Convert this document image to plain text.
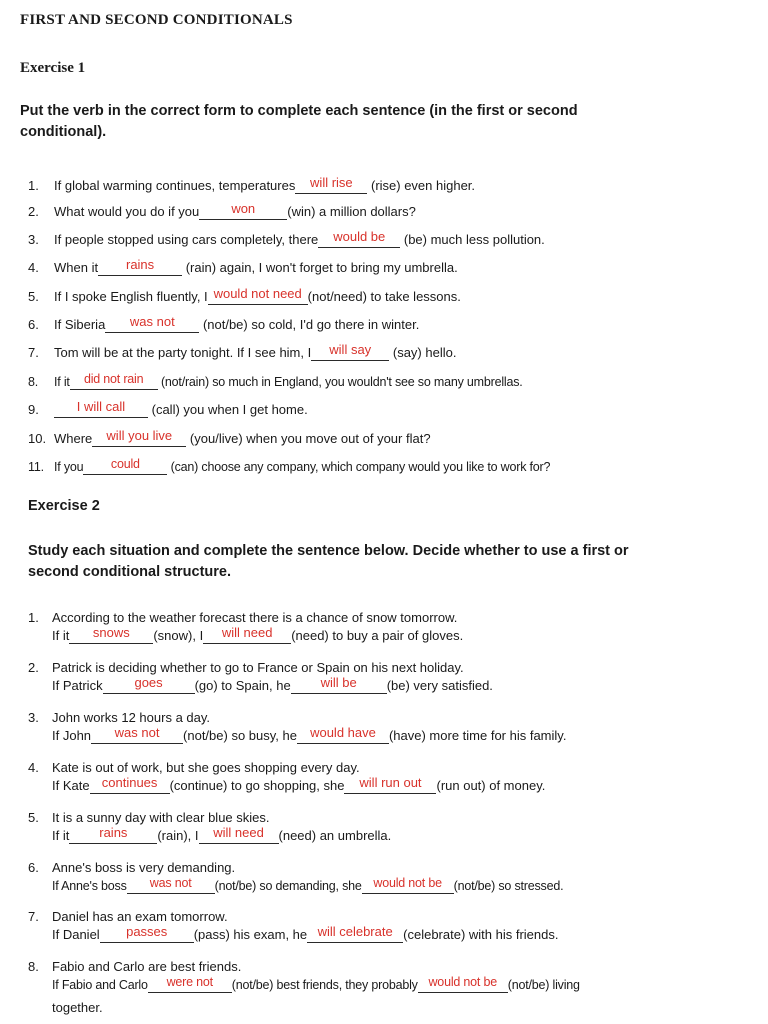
FIRST AND SECOND CONDITIONALS
Exercise 1
Put the verb in the correct form to complete each sentence (in the first or second conditional).
1. If global warming continues, temperatures will rise (rise) even higher.
2. What would you do if you won (win) a million dollars?
3. If people stopped using cars completely, there would be (be) much less pollution.
4. When it rains (rain) again, I won't forget to bring my umbrella.
5. If I spoke English fluently, I would not need (not/need) to take lessons.
6. If Siberia was not (not/be) so cold, I'd go there in winter.
7. Tom will be at the party tonight. If I see him, I will say (say) hello.
8. If it did not rain (not/rain) so much in England, you wouldn't see so many umbrellas.
9.	I will call (call) you when I get home.
10. Where will you live (you/live) when you move out of your flat?
11. If you could (can) choose any company, which company would you like to work for?
Exercise 2
Study each situation and complete the sentence below. Decide whether to use a first or second conditional structure.
1. According to the weather forecast there is a chance of snow tomorrow.
If it snows (snow), I will need (need) to buy a pair of gloves.
2. Patrick is deciding whether to go to France or Spain on his next holiday.
If Patrick goes (go) to Spain, he will be (be) very satisfied.
3. John works 12 hours a day.
If John was not (not/be) so busy, he would have (have) more time for his family.
4. Kate is out of work, but she goes shopping every day.
If Kate continues (continue) to go shopping, she will run out (run out) of money.
5. It is a sunny day with clear blue skies.
If it rains (rain), I will need (need) an umbrella.
6. Anne's boss is very demanding.
If Anne's boss was not (not/be) so demanding, she would not be (not/be) so stressed.
7. Daniel has an exam tomorrow.
If Daniel passes (pass) his exam, he will celebrate (celebrate) with his friends.
8. Fabio and Carlo are best friends.
If Fabio and Carlo were not (not/be) best friends, they probably would not be (not/be) living
together.
